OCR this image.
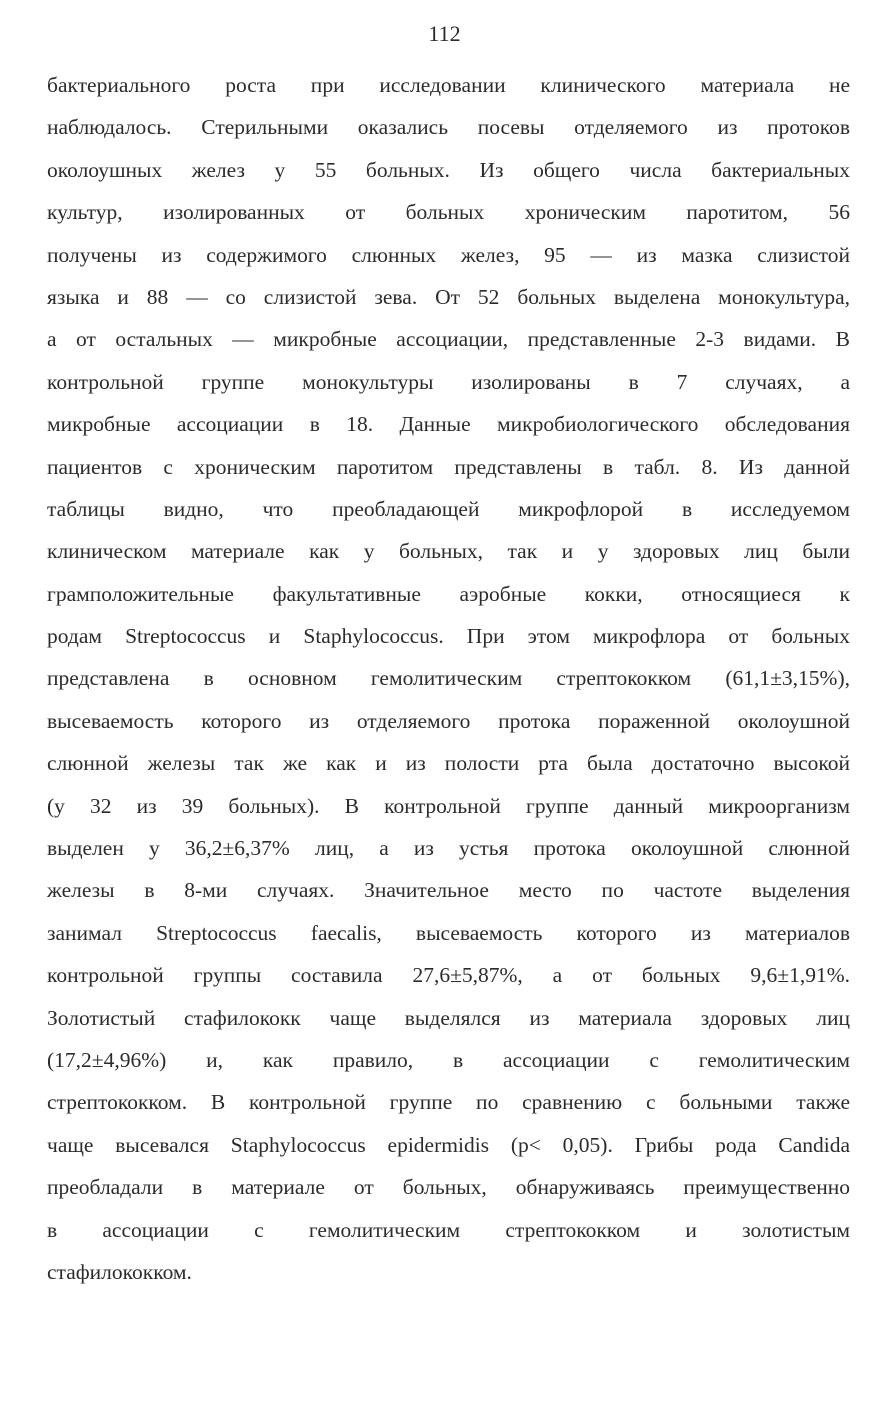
112
бактериального роста при исследовании клинического материала не
наблюдалось. Стерильными оказались посевы отделяемого из протоков
околоушных желез у 55 больных. Из общего числа бактериальных
культур, изолированных от больных хроническим паротитом, 56
получены из содержимого слюнных желез, 95 — из мазка слизистой
языка и 88 — со слизистой зева. От 52 больных выделена монокультура,
а от остальных — микробные ассоциации, представленные 2-3 видами. В
контрольной группе монокультуры изолированы в 7 случаях, а
микробные ассоциации в 18. Данные микробиологического обследования
пациентов с хроническим паротитом представлены в табл. 8. Из данной
таблицы видно, что преобладающей микрофлорой в исследуемом
клиническом материале как у больных, так и у здоровых лиц были
грамположительные факультативные аэробные кокки, относящиеся к
родам Streptococcus и Staphylococcus. При этом микрофлора от больных
представлена в основном гемолитическим стрептококком (61,1±3,15%),
высеваемость которого из отделяемого протока пораженной околоушной
слюнной железы так же как и из полости рта была достаточно высокой
(у 32 из 39 больных). В контрольной группе данный микроорганизм
выделен у 36,2±6,37% лиц, а из устья протока околоушной слюнной
железы в 8-ми случаях. Значительное место по частоте выделения
занимал Streptococcus faecalis, высеваемость которого из материалов
контрольной группы составила 27,6±5,87%, а от больных 9,6±1,91%.
Золотистый стафилококк чаще выделялся из материала здоровых лиц
(17,2±4,96%) и, как правило, в ассоциации с гемолитическим
стрептококком. В контрольной группе по сравнению с больными также
чаще высевался Staphylococcus epidermidis (p< 0,05). Грибы рода Candida
преобладали в материале от больных, обнаруживаясь преимущественно
в ассоциации с гемолитическим стрептококком и золотистым
стафилококком.
